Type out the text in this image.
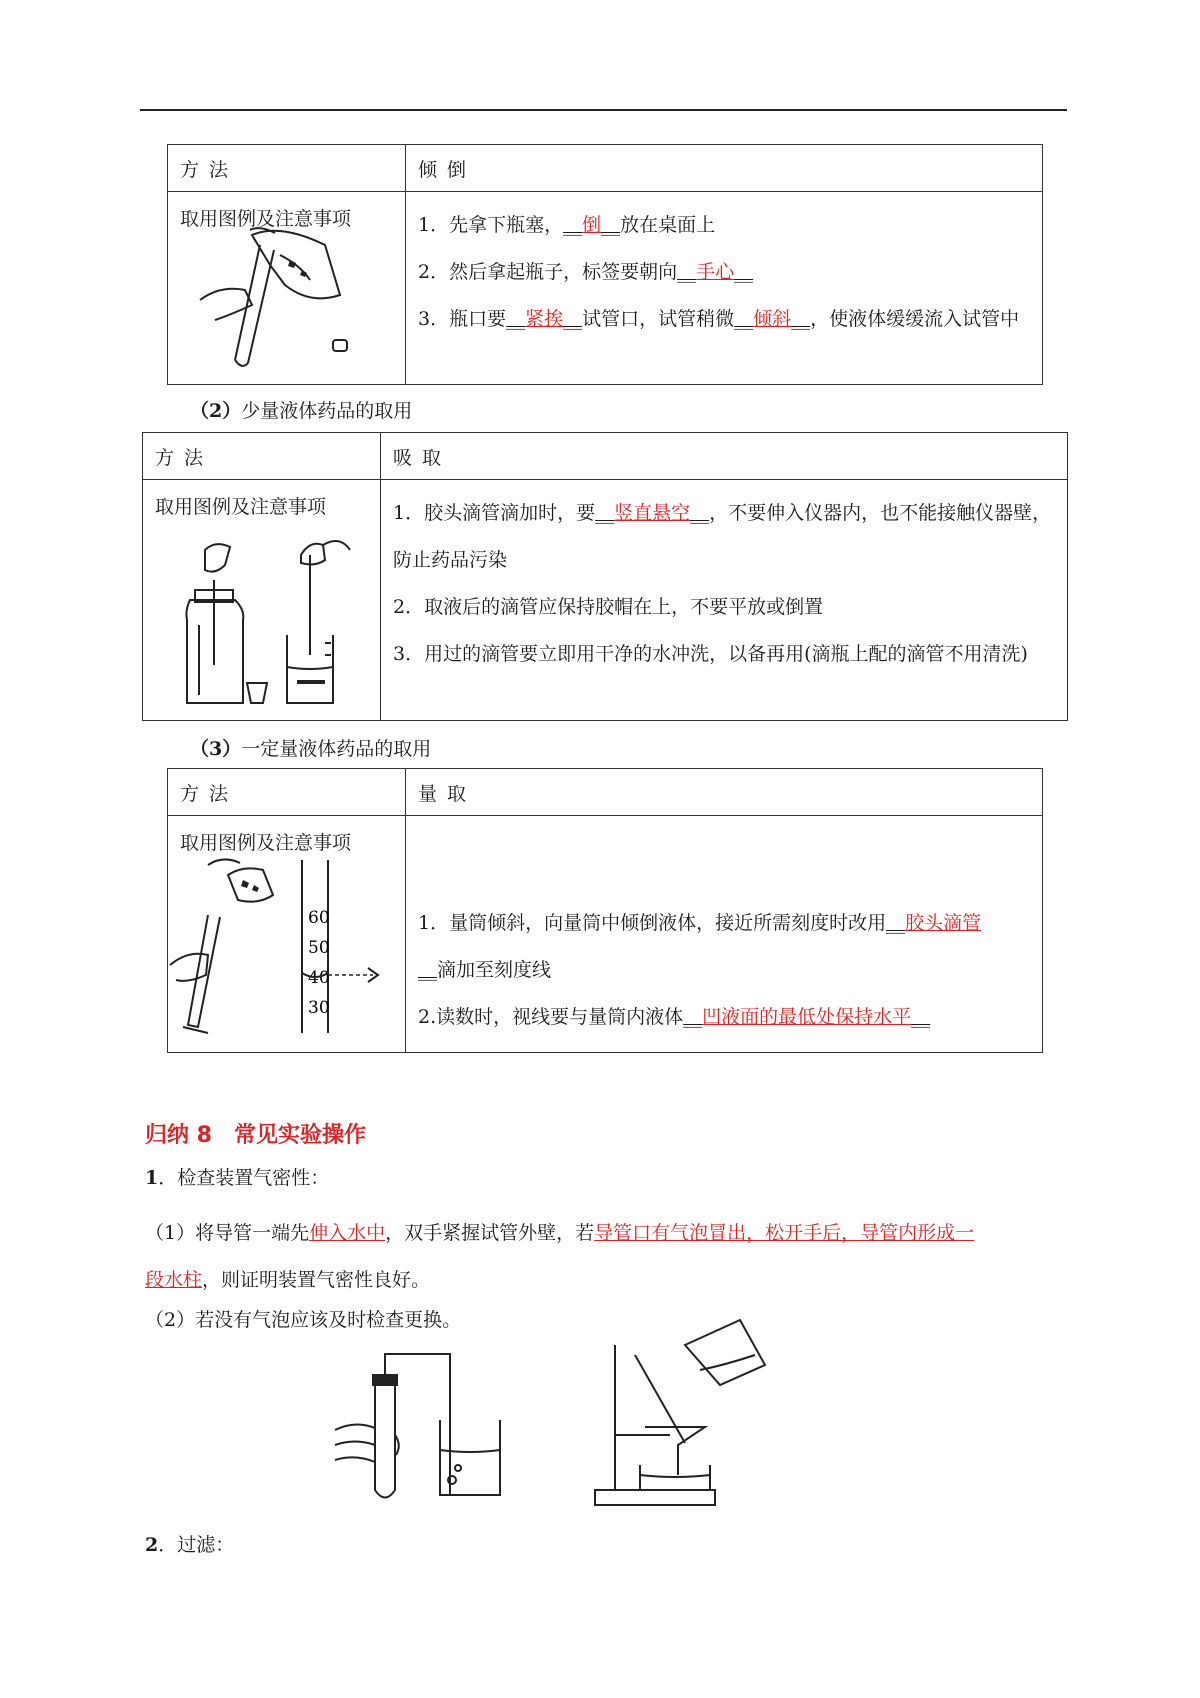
方 法	倾 倒

取用图例及注意事项	1．先拿下瓶塞，__倒__放在桌面上

2．然后拿起瓶子，标签要朝向__手心__

3．瓶口要__紧挨__试管口，试管稍微__倾斜__，使液体缓缓流入试管中

（2）少量液体药品的取用
方 法	吸 取

取用图例及注意事项	1．胶头滴管滴加时，要__竖直悬空__，不要伸入仪器内，也不能接触仪器壁，防止药品污染

2．取液后的滴管应保持胶帽在上，不要平放或倒置

3．用过的滴管要立即用干净的水冲洗，以备再用(滴瓶上配的滴管不用清洗)

（3）一定量液体药品的取用
方 法	量 取

取用图例及注意事项	1．量筒倾斜，向量筒中倾倒液体，接近所需刻度时改用__胶头滴管
__滴加至刻度线

2.读数时，视线要与量筒内液体__凹液面的最低处保持水平__

60
50
40
30
归纳 8　常见实验操作
1．检查装置气密性：
（1）将导管一端先伸入水中，双手紧握试管外壁，若导管口有气泡冒出，松开手后，导管内形成一
段水柱，则证明装置气密性良好。
（2）若没有气泡应该及时检查更换。
2．过滤：
